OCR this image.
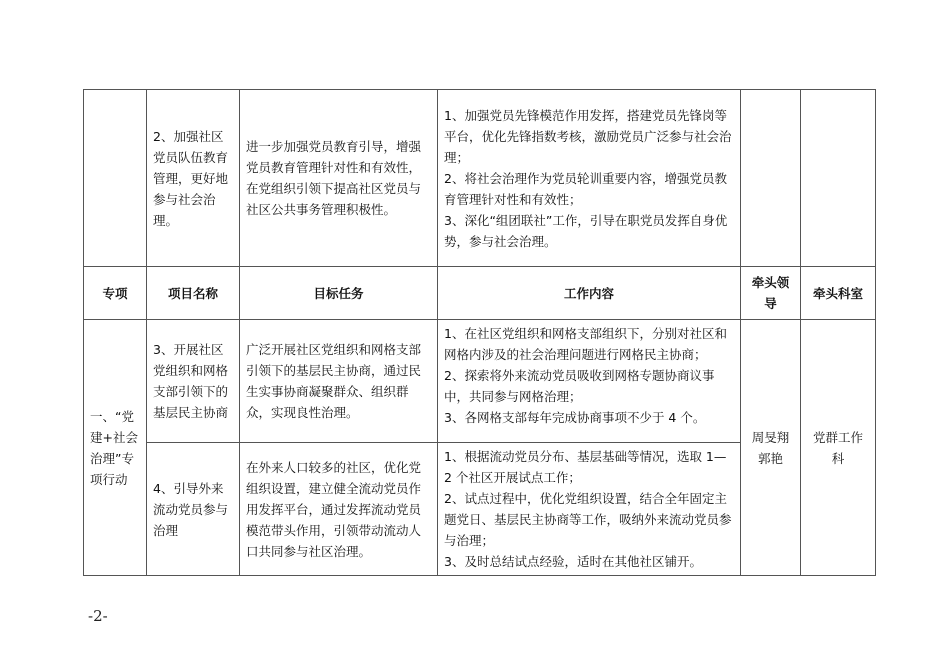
	2、加强社区党员队伍教育管理，更好地参与社会治理。	进一步加强党员教育引导，增强党员教育管理针对性和有效性，在党组织引领下提高社区党员与社区公共事务管理积极性。	1、加强党员先锋模范作用发挥，搭建党员先锋岗等平台，优化先锋指数考核，激励党员广泛参与社会治理；
2、将社会治理作为党员轮训重要内容，增强党员教育管理针对性和有效性；
3、深化“组团联社”工作，引导在职党员发挥自身优势，参与社会治理。		

专项	项目名称	目标任务	工作内容	牵头领导	牵头科室
一、“党建+社会治理”专项行动	3、开展社区党组织和网格支部引领下的基层民主协商	广泛开展社区党组织和网格支部引领下的基层民主协商，通过民生实事协商凝聚群众、组织群众，实现良性治理。	1、在社区党组织和网格支部组织下，分别对社区和网格内涉及的社会治理问题进行网格民主协商；
2、探索将外来流动党员吸收到网格专题协商议事中，共同参与网格治理；
3、各网格支部每年完成协商事项不少于 4 个。	周旻翔郭艳	党群工作科
	4、引导外来流动党员参与治理	在外来人口较多的社区，优化党组织设置，建立健全流动党员作用发挥平台，通过发挥流动党员模范带头作用，引领带动流动人口共同参与社区治理。	1、根据流动党员分布、基层基础等情况，选取 1—2 个社区开展试点工作；
2、试点过程中，优化党组织设置，结合全年固定主题党日、基层民主协商等工作，吸纳外来流动党员参与治理；
3、及时总结试点经验，适时在其他社区铺开。		
-2-
